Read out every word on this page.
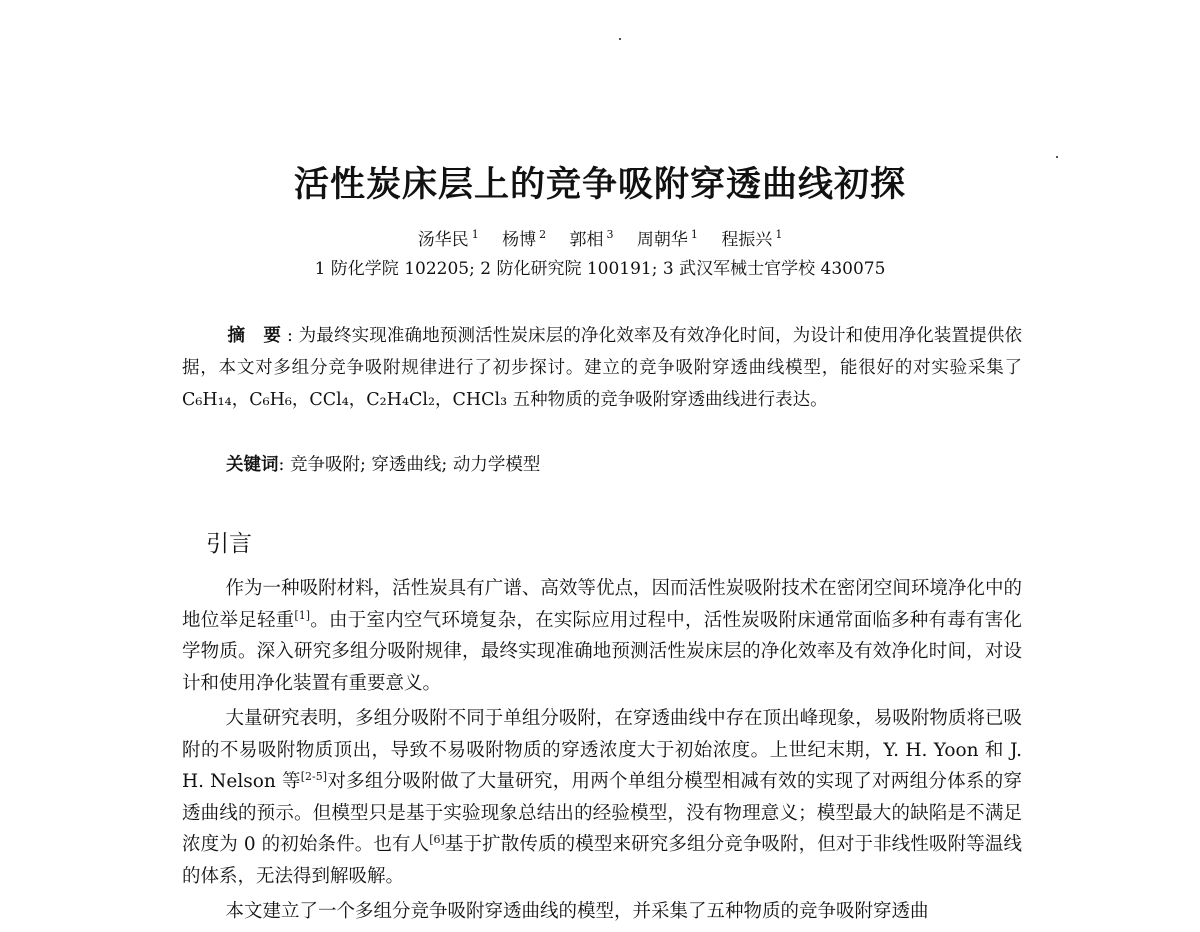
活性炭床层上的竞争吸附穿透曲线初探
汤华民 $^1$ 杨博 $^2$ 郭相 $^3$ 周朝华 $^1$ 程振兴 $^1$
1 防化学院 102205; 2 防化研究院 100191; 3 武汉军械士官学校 430075

摘 要: 为最终实现准确地预测活性炭床层的净化效率及有效净化时间，为设计和使用净化装置提供依据，本文对多组分竞争吸附规律进行了初步探讨。建立的竞争吸附穿透曲线模型，能很好的对实验采集了 C₆H₁₄，C₆H₆，CCl₄，C₂H₄Cl₂，CHCl₃ 五种物质的竞争吸附穿透曲线进行表达。

关键词: 竞争吸附; 穿透曲线; 动力学模型

引言

作为一种吸附材料，活性炭具有广谱、高效等优点，因而活性炭吸附技术在密闭空间环境净化中的地位举足轻重[1]。由于室内空气环境复杂，在实际应用过程中，活性炭吸附床通常面临多种有毒有害化学物质。深入研究多组分吸附规律，最终实现准确地预测活性炭床层的净化效率及有效净化时间，对设计和使用净化装置有重要意义。

大量研究表明，多组分吸附不同于单组分吸附，在穿透曲线中存在顶出峰现象，易吸附物质将已吸附的不易吸附物质顶出，导致不易吸附物质的穿透浓度大于初始浓度。上世纪末期，Y. H. Yoon 和 J. H. Nelson 等[2-5]对多组分吸附做了大量研究，用两个单组分模型相减有效的实现了对两组分体系的穿透曲线的预示。但模型只是基于实验现象总结出的经验模型，没有物理意义；模型最大的缺陷是不满足浓度为 0 的初始条件。也有人[6]基于扩散传质的模型来研究多组分竞争吸附，但对于非线性吸附等温线的体系，无法得到解吸解。

本文建立了一个多组分竞争吸附穿透曲线的模型，并采集了五种物质的竞争吸附穿透曲
